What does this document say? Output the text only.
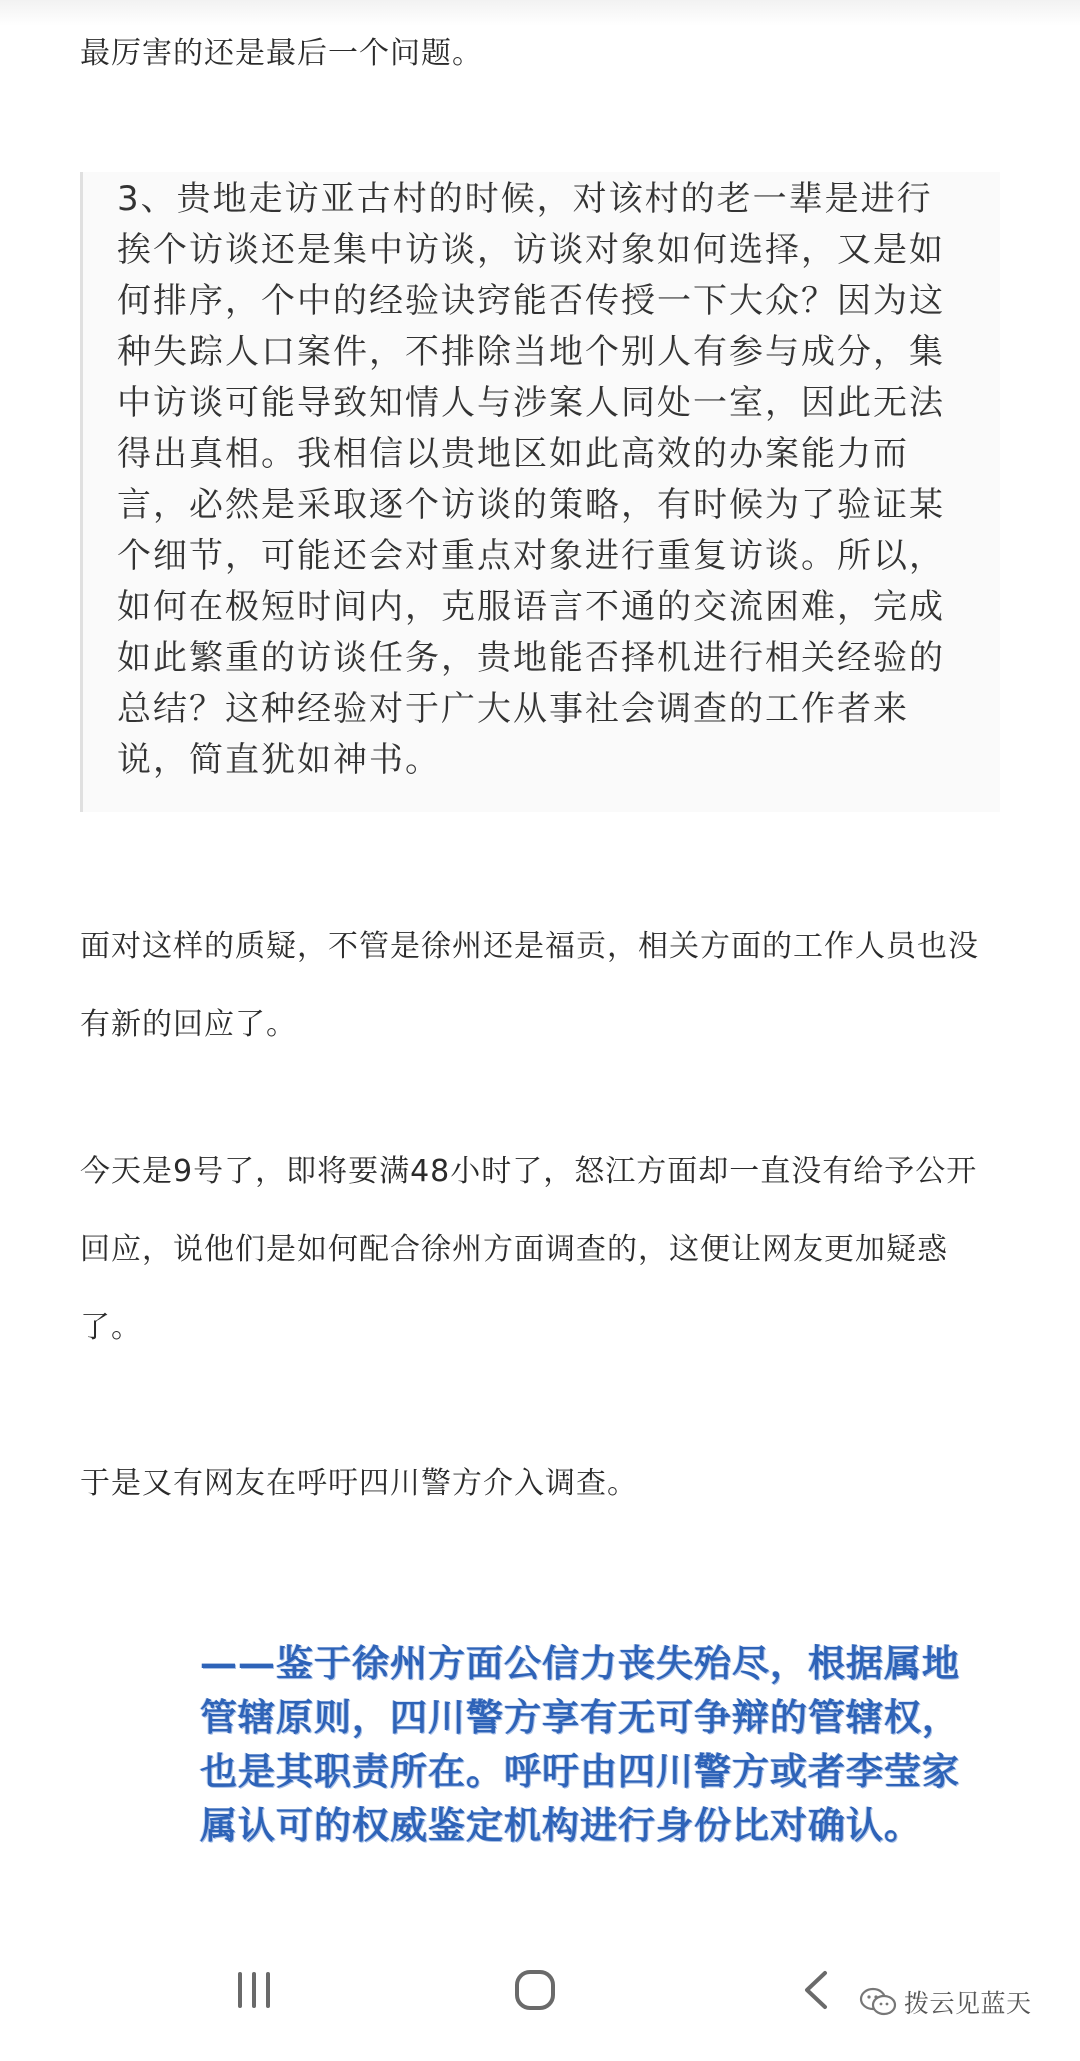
最厉害的还是最后一个问题。

3、贵地走访亚古村的时候，对该村的老一辈是进行挨个访谈还是集中访谈，访谈对象如何选择，又是如何排序，个中的经验诀窍能否传授一下大众？因为这种失踪人口案件，不排除当地个别人有参与成分，集中访谈可能导致知情人与涉案人同处一室，因此无法得出真相。我相信以贵地区如此高效的办案能力而言，必然是采取逐个访谈的策略，有时候为了验证某个细节，可能还会对重点对象进行重复访谈。所以，如何在极短时间内，克服语言不通的交流困难，完成如此繁重的访谈任务，贵地能否择机进行相关经验的总结？这种经验对于广大从事社会调查的工作者来说，简直犹如神书。

面对这样的质疑，不管是徐州还是福贡，相关方面的工作人员也没有新的回应了。

今天是9号了，即将要满48小时了，怒江方面却一直没有给予公开回应，说他们是如何配合徐州方面调查的，这便让网友更加疑惑了。

于是又有网友在呼吁四川警方介入调查。

——鉴于徐州方面公信力丧失殆尽，根据属地管辖原则，四川警方享有无可争辩的管辖权，也是其职责所在。呼吁由四川警方或者李莹家属认可的权威鉴定机构进行身份比对确认。

拨云见蓝天
